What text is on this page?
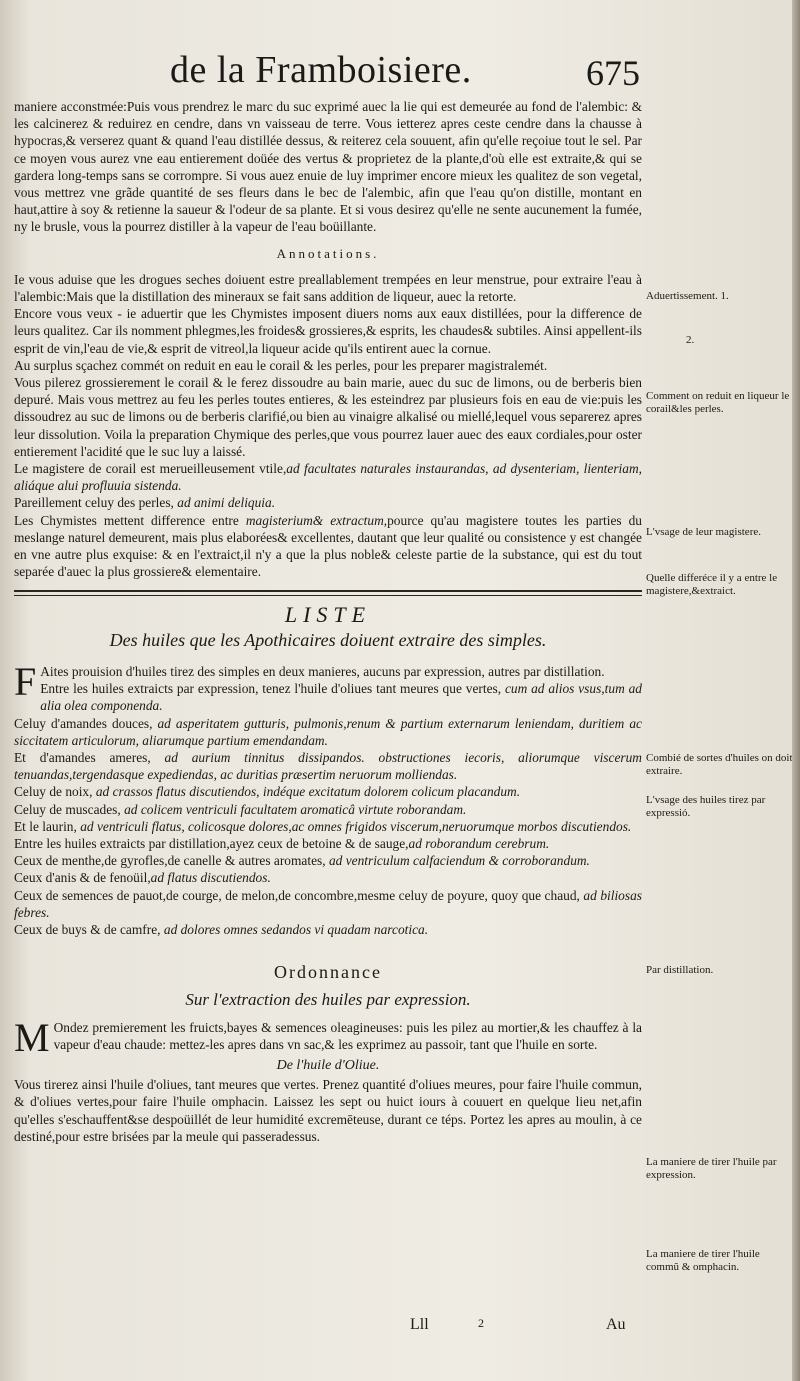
de la Framboisiere.	675

maniere acconstmée:Puis vous prendrez le marc du suc exprimé auec la lie qui est demeurée au fond de l'alembic: & les calcinerez & reduirez en cendre, dans vn vaisseau de terre. Vous ietterez apres ceste cendre dans la chausse à hypocras,& verserez quant & quand l'eau distillée dessus, & reiterez cela souuent, afin qu'elle reçoiue tout le sel. Par ce moyen vous aurez vne eau entierement doüée des vertus & proprietez de la plante,d'où elle est extraite,& qui se gardera long-temps sans se corrompre. Si vous auez enuie de luy imprimer encore mieux les qualitez de son vegetal, vous mettrez vne grãde quantité de ses fleurs dans le bec de l'alembic, afin que l'eau qu'on distille, montant en haut,attire à soy & retienne la saueur & l'odeur de sa plante. Et si vous desirez qu'elle ne sente aucunement la fumée, ny le brusle, vous la pourrez distiller à la vapeur de l'eau boüillante.

Annotations.

Ie vous aduise que les drogues seches doiuent estre preallablement trempées en leur menstrue, pour extraire l'eau à l'alembic:Mais que la distillation des mineraux se fait sans addition de liqueur, auec la retorte.

Encore vous veux - ie aduertir que les Chymistes imposent diuers noms aux eaux distillées, pour la difference de leurs qualitez. Car ils nomment phlegmes,les froides& grossieres,& esprits, les chaudes& subtiles. Ainsi appellent-ils esprit de vin,l'eau de vie,& esprit de vitreol,la liqueur acide qu'ils entirent auec la cornue.

Au surplus sçachez commét on reduit en eau le corail & les perles, pour les preparer magistralemét.

Vous pilerez grossierement le corail & le ferez dissoudre au bain marie, auec du suc de limons, ou de berberis bien depuré. Mais vous mettrez au feu les perles toutes entieres, & les esteindrez par plusieurs fois en eau de vie:puis les dissoudrez au suc de limons ou de berberis clarifié,ou bien au vinaigre alkalisé ou miellé,lequel vous separerez apres leur dissolution. Voila la preparation Chymique des perles,que vous pourrez lauer auec des eaux cordiales,pour oster entierement l'acidité que le suc luy a laissé.

Le magistere de corail est merueilleusement vtile,ad facultates naturales instaurandas, ad dysenteriam, lienteriam, aliáque alui profluuia sistenda.

Pareillement celuy des perles, ad animi deliquia.

Les Chymistes mettent difference entre magisterium& extractum,pource qu'au magistere toutes les parties du meslange naturel demeurent, mais plus elaborées& excellentes, dautant que leur qualité ou consistence y est changée en vne autre plus exquise: & en l'extraict,il n'y a que la plus noble& celeste partie de la substance, qui est du tout separée d'auec la plus grossiere& elementaire.

LISTE
Des huiles que les Apothicaires doiuent extraire des simples.

F Aites prouision d'huiles tirez des simples en deux manieres, aucuns par expression, autres par distillation.

Entre les huiles extraicts par expression, tenez l'huile d'oliues tant meures que vertes, cum ad alios vsus,tum ad alia olea componenda.

Celuy d'amandes douces, ad asperitatem gutturis, pulmonis,renum & partium externarum leniendam, duritiem ac siccitatem articulorum, aliarumque partium emendandam.

Et d'amandes ameres, ad aurium tinnitus dissipandos. obstructiones iecoris, aliorumque viscerum tenuandas,tergendasque expediendas, ac duritias præsertim neruorum molliendas.

Celuy de noix, ad crassos flatus discutiendos, indéque excitatum dolorem colicum placandum.

Celuy de muscades, ad colicem ventriculi facultatem aromaticâ virtute roborandam.

Et le laurin, ad ventriculi flatus, colicosque dolores,ac omnes frigidos viscerum,neruorumque morbos discutiendos.

Entre les huiles extraicts par distillation,ayez ceux de betoine & de sauge,ad roborandum cerebrum.

Ceux de menthe,de gyrofles,de canelle & autres aromates, ad ventriculum calfaciendum & corroborandum.

Ceux d'anis & de fenoüil,ad flatus discutiendos.

Ceux de semences de pauot,de courge, de melon,de concombre,mesme celuy de poyure, quoy que chaud, ad biliosas febres.

Ceux de buys & de camfre, ad dolores omnes sedandos vi quadam narcotica.

Ordonnance
Sur l'extraction des huiles par expression.

M Ondez premierement les fruicts,bayes & semences oleagineuses: puis les pilez au mortier,& les chauffez à la vapeur d'eau chaude: mettez-les apres dans vn sac,& les exprimez au passoir, tant que l'huile en sorte.

De l'huile d'Oliue.

Vous tirerez ainsi l'huile d'oliues, tant meures que vertes. Prenez quantité d'oliues meures, pour faire l'huile commun, & d'oliues vertes,pour faire l'huile omphacin. Laissez les sept ou huict iours à couuert en quelque lieu net,afin qu'elles s'eschauffent&se despoüillét de leur humidité excremēteuse, durant ce téps. Portez les apres au moulin, à ce destiné,pour estre brisées par la meule qui passeradessus.

Aduertissement. 1.
2.
Comment on reduit en liqueur le corail&les perles.
L'vsage de leur magistere.
Quelle differéce il y a entre le magistere,&extraict.
Combié de sortes d'huiles on doit extraire.
L'vsage des huiles tirez par expressió.
Par distillation.
La maniere de tirer l'huile par expression.
La maniere de tirer l'huile commũ & omphacin.
Lll	2	Au
